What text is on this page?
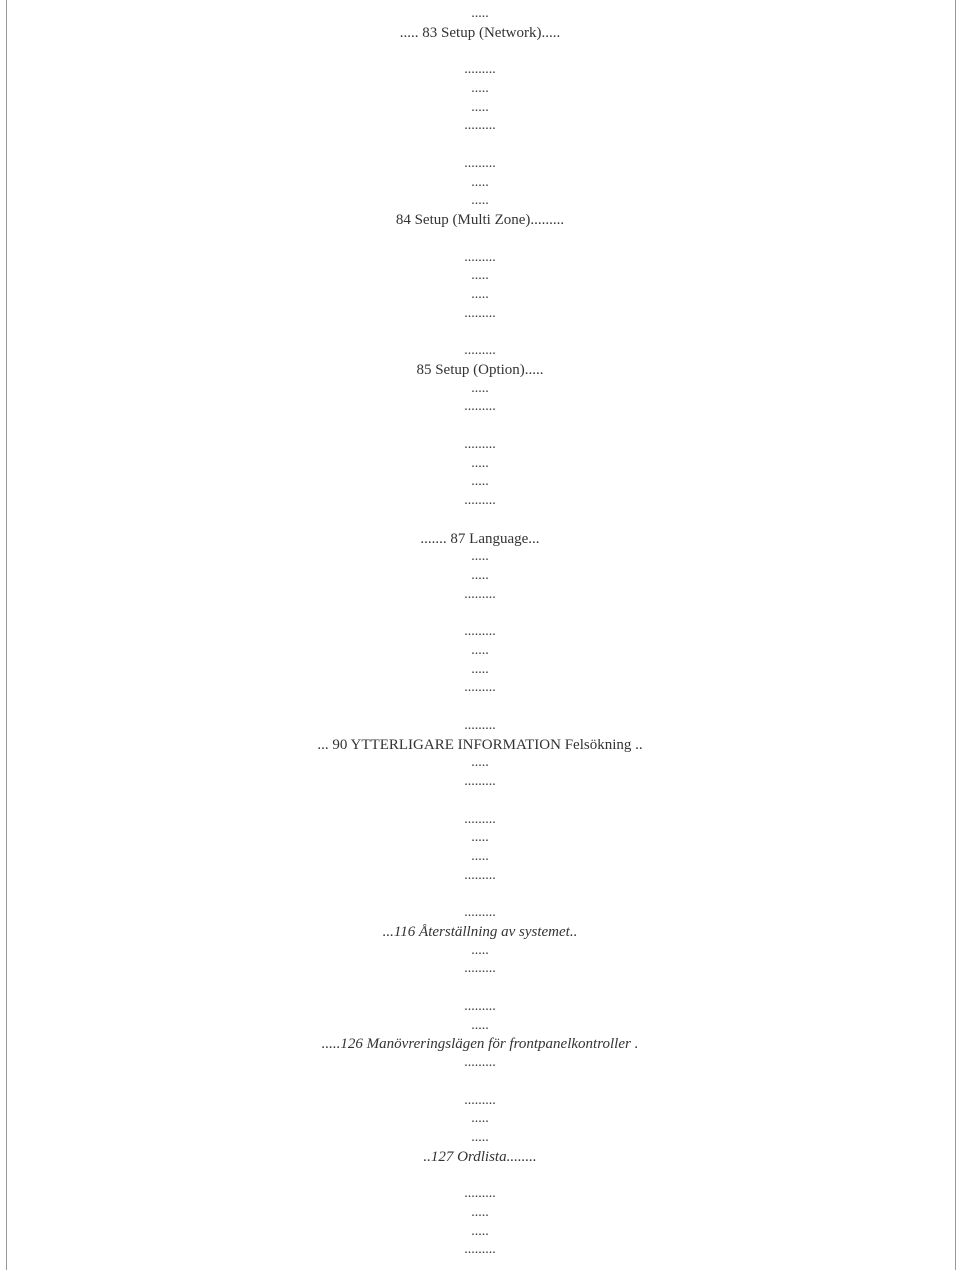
.....
..... 83 Setup (Network).....
.........
.....
.....
.........
.........
.....
.....
84 Setup (Multi Zone).........
.........
.....
.....
.........
.........
85 Setup (Option).....
.....
.........
.........
.....
.....
.........
....... 87 Language...
.....
.....
.........
.........
.....
.....
.........
.........
... 90 YTTERLIGARE INFORMATION Felsökning ..
.....
.........
.........
.....
.....
.........
.........
...116 Återställning av systemet..
.....
.........
.........
.....
.....126 Manövreringslägen för frontpanelkontroller .
.........
.........
.....
.....
..127 Ordlista........
.........
.....
.....
.........
